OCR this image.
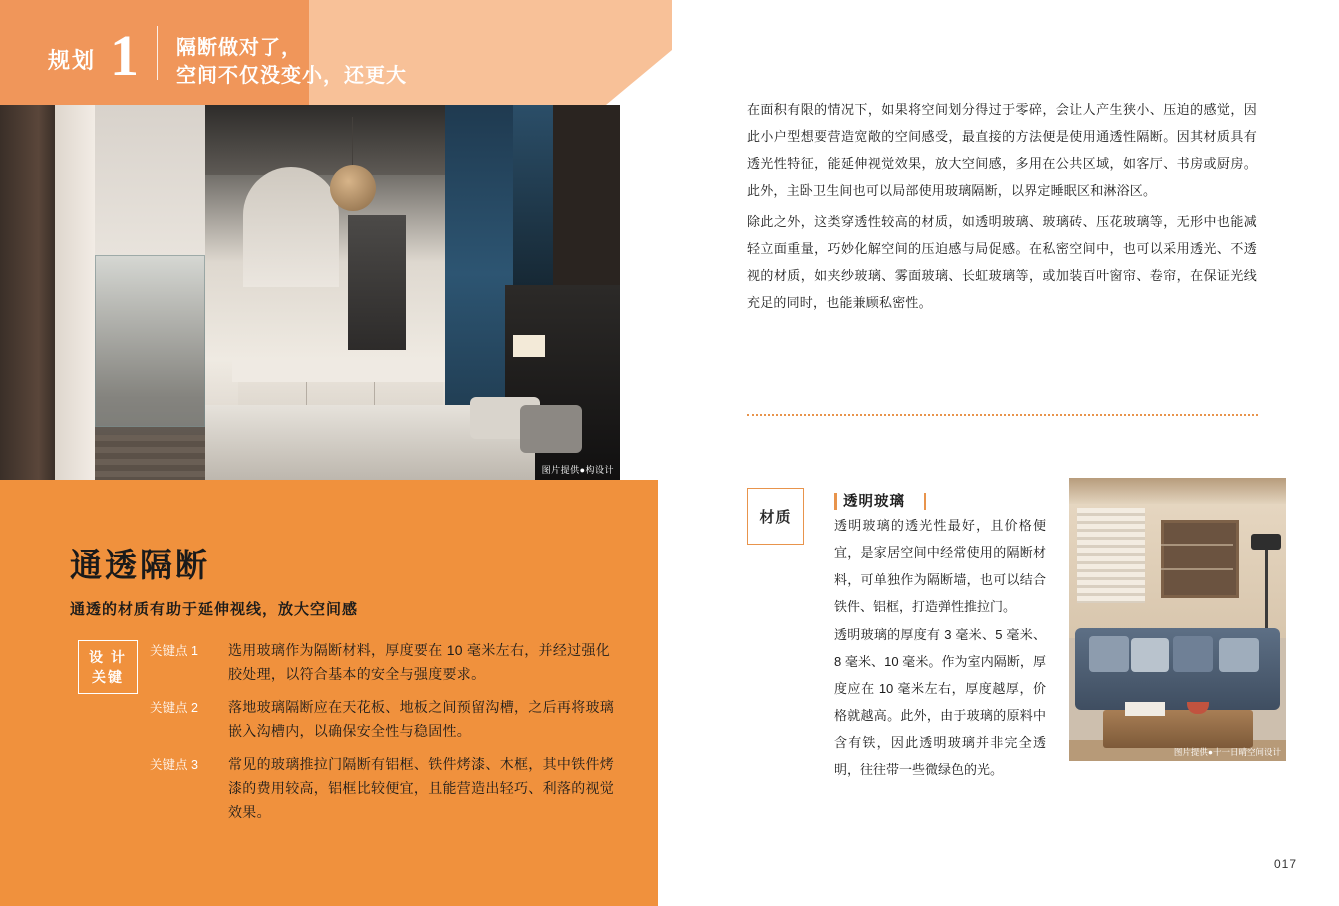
规划 1 隔断做对了，
空间不仅没变小，还更大
图片提供●构设计
通透隔断
通透的材质有助于延伸视线，放大空间感
设 计
关键
关键点 1	选用玻璃作为隔断材料，厚度要在 10 毫米左右，并经过强化胶处理，以符合基本的安全与强度要求。
关键点 2	落地玻璃隔断应在天花板、地板之间预留沟槽，之后再将玻璃嵌入沟槽内，以确保安全性与稳固性。
关键点 3	常见的玻璃推拉门隔断有铝框、铁件烤漆、木框，其中铁件烤漆的费用较高，铝框比较便宜，且能营造出轻巧、利落的视觉效果。
在面积有限的情况下，如果将空间划分得过于零碎，会让人产生狭小、压迫的感觉，因此小户型想要营造宽敞的空间感受，最直接的方法便是使用通透性隔断。因其材质具有透光性特征，能延伸视觉效果，放大空间感，多用在公共区域，如客厅、书房或厨房。此外，主卧卫生间也可以局部使用玻璃隔断，以界定睡眠区和淋浴区。
除此之外，这类穿透性较高的材质，如透明玻璃、玻璃砖、压花玻璃等，无形中也能减轻立面重量，巧妙化解空间的压迫感与局促感。在私密空间中，也可以采用透光、不透视的材质，如夹纱玻璃、雾面玻璃、长虹玻璃等，或加装百叶窗帘、卷帘，在保证光线充足的同时，也能兼顾私密性。
材质
透明玻璃
透明玻璃的透光性最好，且价格便宜，是家居空间中经常使用的隔断材料，可单独作为隔断墙，也可以结合铁件、铝框，打造弹性推拉门。
透明玻璃的厚度有 3 毫米、5 毫米、8 毫米、10 毫米。作为室内隔断，厚度应在 10 毫米左右，厚度越厚，价格就越高。此外，由于玻璃的原料中含有铁，因此透明玻璃并非完全透明，往往带一些微绿色的光。
图片提供●十一日晴空间设计
017
